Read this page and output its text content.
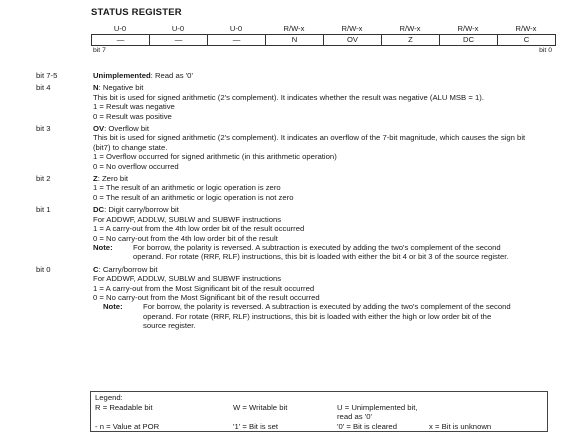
STATUS REGISTER
U-0	U-0	U-0	R/W-x	R/W-x	R/W-x	R/W-x	R/W-x
—	—	—	N	OV	Z	DC	C
bit 7	bit 0
bit 7-5	Unimplemented: Read as '0'
bit 4	N: Negative bit
This bit is used for signed arithmetic (2's complement). It indicates whether the result was negative (ALU MSB = 1).
1 = Result was negative
0 = Result was positive
bit 3	OV: Overflow bit
This bit is used for signed arithmetic (2's complement). It indicates an overflow of the 7-bit magnitude, which causes the sign bit (bit7) to change state.
1 = Overflow occurred for signed arithmetic (in this arithmetic operation)
0 = No overflow occurred
bit 2	Z: Zero bit
1 = The result of an arithmetic or logic operation is zero
0 = The result of an arithmetic or logic operation is not zero
bit 1	DC: Digit carry/borrow bit
For ADDWF, ADDLW, SUBLW and SUBWF instructions
1 = A carry-out from the 4th low order bit of the result occurred
0 = No carry-out from the 4th low order bit of the result
Note:	For borrow, the polarity is reversed. A subtraction is executed by adding the two's complement of the second operand. For rotate (RRF, RLF) instructions, this bit is loaded with either the bit 4 or bit 3 of the source register.
bit 0	C: Carry/borrow bit
For ADDWF, ADDLW, SUBLW and SUBWF instructions
1 = A carry-out from the Most Significant bit of the result occurred
0 = No carry-out from the Most Significant bit of the result occurred
Note:	For borrow, the polarity is reversed. A subtraction is executed by adding the two's complement of the second operand. For rotate (RRF, RLF) instructions, this bit is loaded with either the high or low order bit of the source register.
Legend:
R = Readable bit	W = Writable bit	U = Unimplemented bit, read as '0'
- n = Value at POR	'1' = Bit is set	'0' = Bit is cleared	x = Bit is unknown
